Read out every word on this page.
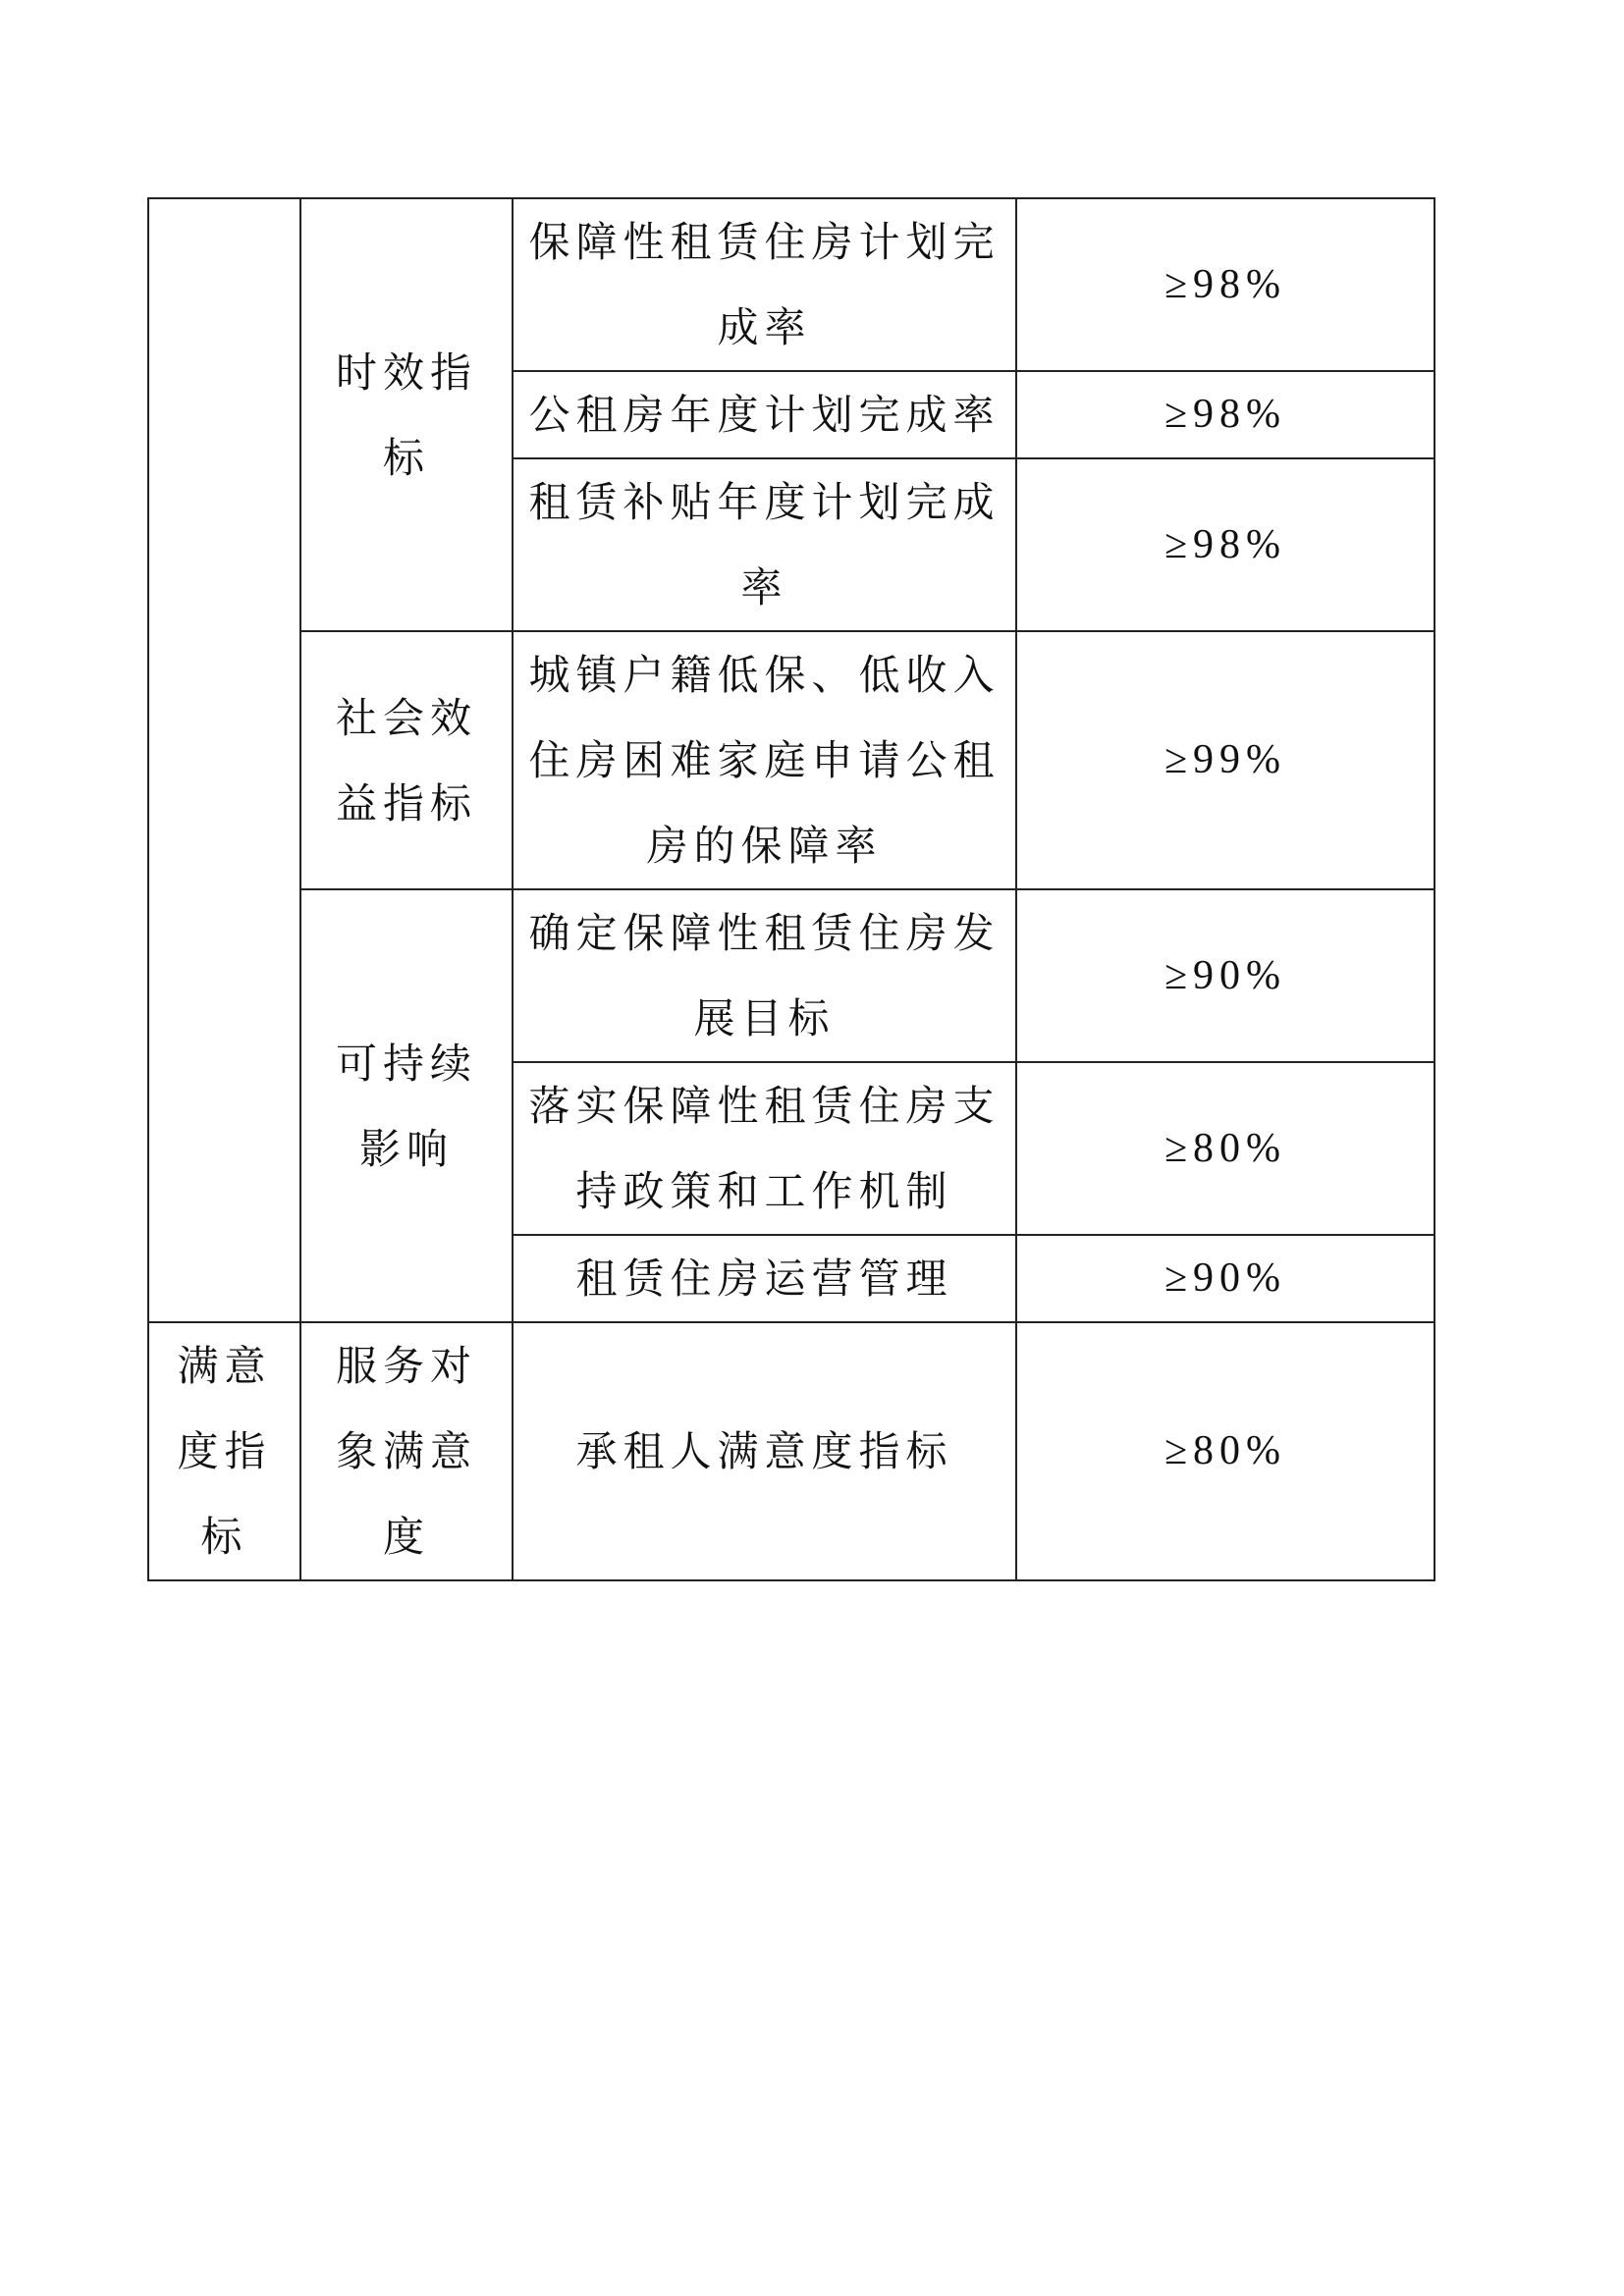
	时效指标	保障性租赁住房计划完成率	≥98%
		公租房年度计划完成率	≥98%
		租赁补贴年度计划完成率	≥98%
	社会效益指标	城镇户籍低保、低收入住房困难家庭申请公租房的保障率	≥99%
	可持续影响	确定保障性租赁住房发展目标	≥90%
		落实保障性租赁住房支持政策和工作机制	≥80%
		租赁住房运营管理	≥90%

满意度指标	服务对象满意度	承租人满意度指标	≥80%
